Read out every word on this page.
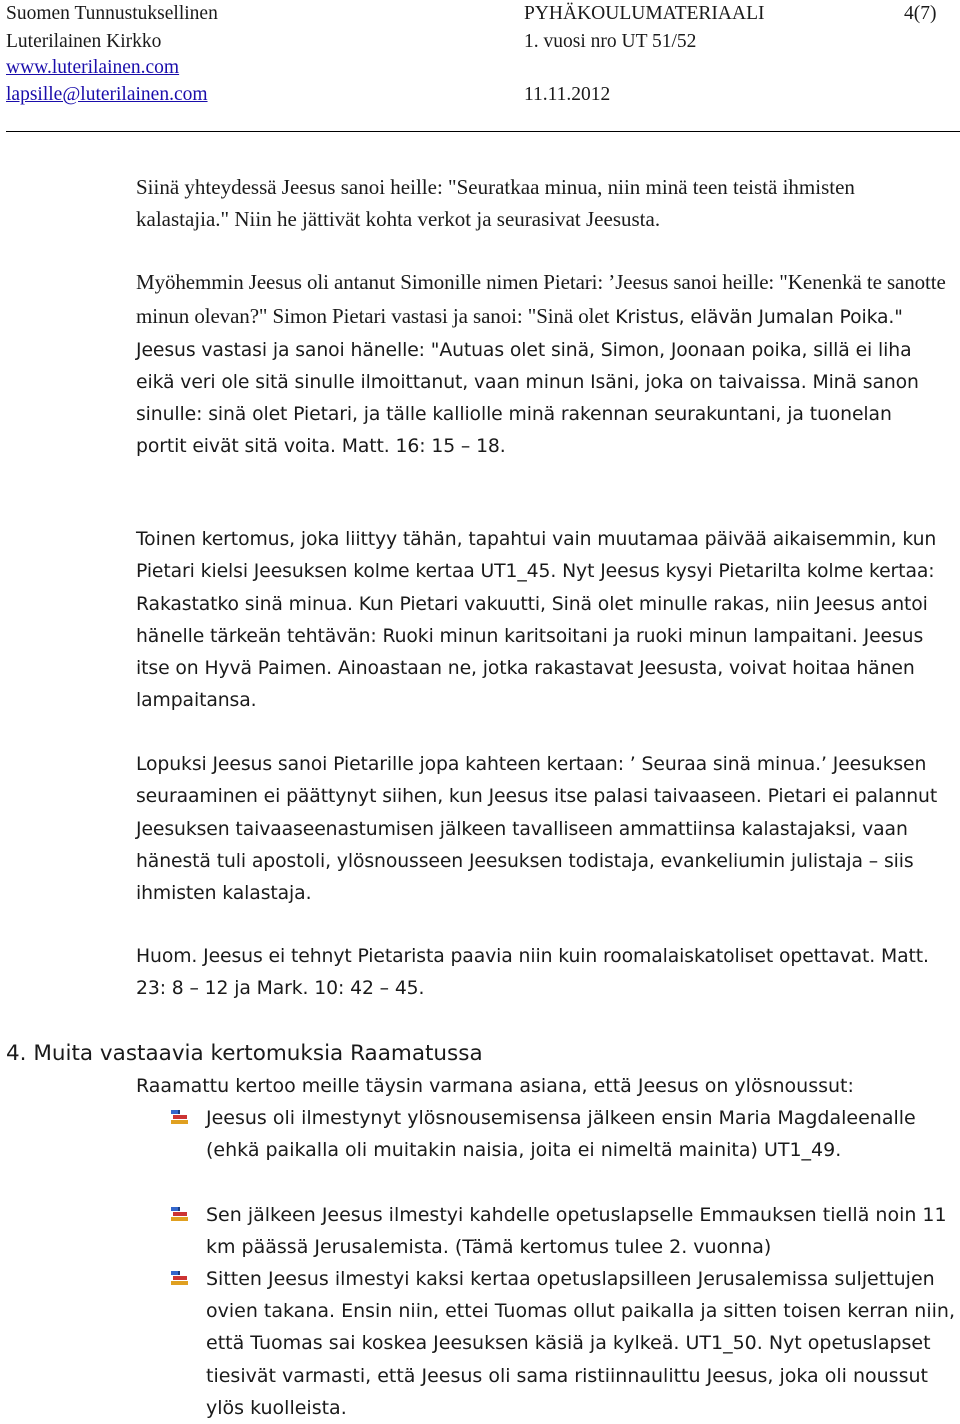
Suomen Tunnustuksellinen
Luterilainen Kirkko
www.luterilainen.com
lapsille@luterilainen.com
PYHÄKOULUMATERIAALI
1. vuosi nro UT 51/52
11.11.2012
4(7)

Siinä yhteydessä Jeesus sanoi heille: "Seuratkaa minua, niin minä teen teistä ihmisten kalastajia." Niin he jättivät kohta verkot ja seurasivat Jeesusta.

Myöhemmin Jeesus oli antanut Simonille nimen Pietari: ’Jeesus sanoi heille: "Kenenkä te sanotte minun olevan?" Simon Pietari vastasi ja sanoi: "Sinä olet Kristus, elävän Jumalan Poika." Jeesus vastasi ja sanoi hänelle: "Autuas olet sinä, Simon, Joonaan poika, sillä ei liha eikä veri ole sitä sinulle ilmoittanut, vaan minun Isäni, joka on taivaissa. Minä sanon sinulle: sinä olet Pietari, ja tälle kalliolle minä rakennan seurakuntani, ja tuonelan portit eivät sitä voita. Matt. 16: 15 – 18.

Toinen kertomus, joka liittyy tähän, tapahtui vain muutamaa päivää aikaisemmin, kun Pietari kielsi Jeesuksen kolme kertaa UT1_45. Nyt Jeesus kysyi Pietarilta kolme kertaa: Rakastatko sinä minua. Kun Pietari vakuutti, Sinä olet minulle rakas, niin Jeesus antoi hänelle tärkeän tehtävän: Ruoki minun karitsoitani ja ruoki minun lampaitani. Jeesus itse on Hyvä Paimen. Ainoastaan ne, jotka rakastavat Jeesusta, voivat hoitaa hänen lampaitansa.

Lopuksi Jeesus sanoi Pietarille jopa kahteen kertaan: ’ Seuraa sinä minua.’ Jeesuksen seuraaminen ei päättynyt siihen, kun Jeesus itse palasi taivaaseen. Pietari ei palannut Jeesuksen taivaaseenastumisen jälkeen tavalliseen ammattiinsa kalastajaksi, vaan hänestä tuli apostoli, ylösnousseen Jeesuksen todistaja, evankeliumin julistaja – siis ihmisten kalastaja.

Huom. Jeesus ei tehnyt Pietarista paavia niin kuin roomalaiskatoliset opettavat. Matt. 23: 8 – 12 ja Mark. 10: 42 – 45.

4. Muita vastaavia kertomuksia Raamatussa

Raamattu kertoo meille täysin varmana asiana, että Jeesus on ylösnoussut:

Jeesus oli ilmestynyt ylösnousemisensa jälkeen ensin Maria Magdaleenalle (ehkä paikalla oli muitakin naisia, joita ei nimeltä mainita) UT1_49.
Sen jälkeen Jeesus ilmestyi kahdelle opetuslapselle Emmauksen tiellä noin 11 km päässä Jerusalemista. (Tämä kertomus tulee 2. vuonna)
Sitten Jeesus ilmestyi kaksi kertaa opetuslapsilleen Jerusalemissa suljettujen ovien takana. Ensin niin, ettei Tuomas ollut paikalla ja sitten toisen kerran niin, että Tuomas sai koskea Jeesuksen käsiä ja kylkeä. UT1_50. Nyt opetuslapset tiesivät varmasti, että Jeesus oli sama ristiinnaulittu Jeesus, joka oli noussut ylös kuolleista.
